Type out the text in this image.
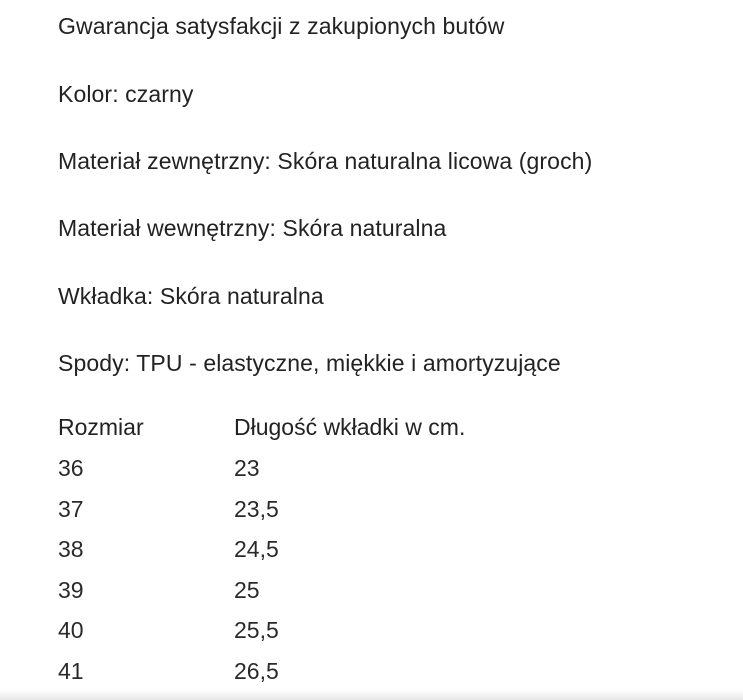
Gwarancja satysfakcji z zakupionych butów
Kolor: czarny
Materiał zewnętrzny: Skóra naturalna licowa (groch)
Materiał wewnętrzny: Skóra naturalna
Wkładka: Skóra naturalna
Spody: TPU - elastyczne, miękkie i amortyzujące
Rozmiar	Długość wkładki w cm.
36	23
37	23,5
38	24,5
39	25
40	25,5
41	26,5
